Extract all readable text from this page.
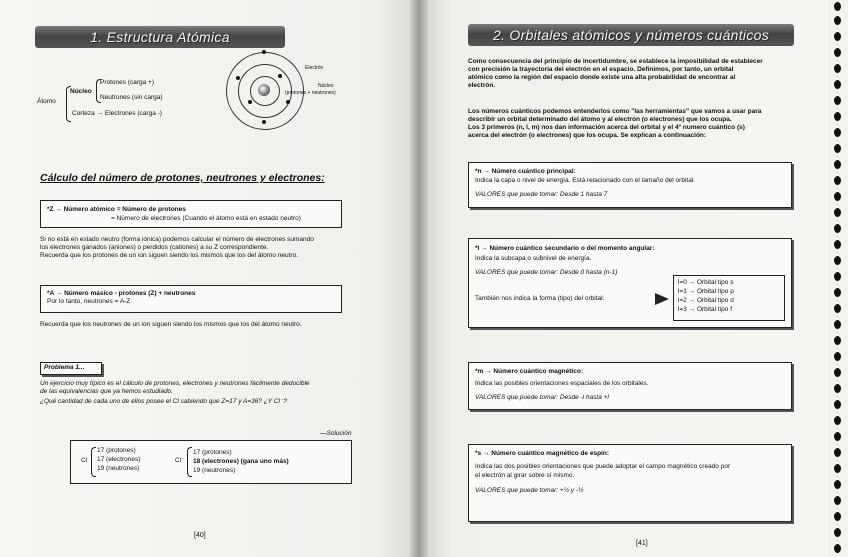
1. Estructura Atómica
Átomo
Núcleo
Protones (carga +)
Neutrones (sin carga)
Corteza → Electrones (carga -)
Electrón
Núcleo
(protones + neutrones)
Cálculo del número de protones, neutrones y electrones:
*Z → Número atómico = Número de protones
= Número de electrones (Cuando el átomo está en estado neutro)
Si no está en estado neutro (forma iónica) podemos calcular el número de electrones sumando
los electrones ganados (aniones) o perdidos (cationes) a su Z correspondiente.
Recuerda que los protones de un ion siguen siendo los mismos que los del átomo neutro.
*A → Número másico - protones (Z) + neutrones
Por lo tanto, neutrones = A-Z
Recuerda que los neutrones de un ion siguen siendo los mismos que los del átomo neutro.
Problema 1...
Un ejercicio muy típico es el cálculo de protones, electrones y neutrones fácilmente deducible
de las equivalencias que ya hemos estudiado.
¿Qué cantidad de cada uno de ellos posee el Cl sabiendo que Z=17 y A=36? ¿Y Cl⁻?
—Solución
Cl
17 (protones)
17 (electrones)
19 (neutrones)
Cl⁻
17 (protones)
18 (electrones) (gana uno más)
19 (neutrones)
[40]
2. Orbitales atómicos y números cuánticos
Como consecuencia del principio de incertidumbre, se establece la imposibilidad de establecer
con precisión la trayectoria del electrón en el espacio. Definimos, por tanto, un orbital
atómico como la región del espacio donde existe una alta probabilidad de encontrar al
electrón.
Los números cuánticos podemos entenderlos como "las herramientas" que vamos a usar para
describir un orbital determinado del átomo y al electrón (o electrones) que los ocupa.
Los 3 primeros (n, l, m) nos dan información acerca del orbital y el 4º numero cuántico (s)
acerca del electrón (o electrones) que los ocupa. Se explican a continuación:
*n → Número cuántico principal:
Indica la capa o nivel de energía. Está relacionado con el tamaño del orbital.
VALORES que puede tomar: Desde 1 hasta 7
*l → Número cuántico secundario o del momento angular:
Indica la subcapa o subnivel de energía.
VALORES que puede tomar: Desde 0 hasta (n-1)
También nos indica la forma (tipo) del orbital:
l=0 → Orbital tipo s
l=1 → Orbital tipo p
l=2 → Orbital tipo d
l=3 → Orbital tipo f
*m → Número cuántico magnético:
Indica las posibles orientaciones espaciales de los orbitales.
VALORES que puede tomar: Desde -l hasta +l
*s → Número cuántico magnético de espín:
Indica las dos posibles orientaciones que puede adoptar el campo magnético creado por
el electrón al girar sobre sí mismo.
VALORES que puede tomar: +½ y -½
[41]
